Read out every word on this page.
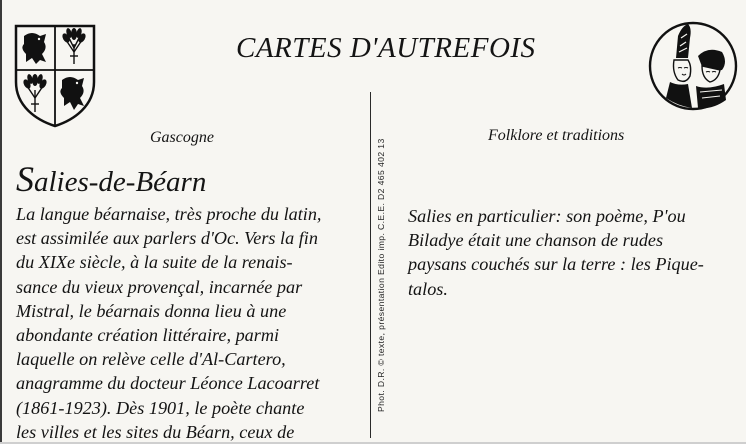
CARTES D'AUTREFOIS
Gascogne	Folklore et traditions
Salies-de-Béarn
La langue béarnaise, très proche du latin,
est assimilée aux parlers d'Oc. Vers la fin
du XIXe siècle, à la suite de la renais-
sance du vieux provençal, incarnée par
Mistral, le béarnais donna lieu à une
abondante création littéraire, parmi
laquelle on relève celle d'Al-Cartero,
anagramme du docteur Léonce Lacoarret
(1861-1923). Dès 1901, le poète chante
les villes et les sites du Béarn, ceux de
Phot. D.R. © texte, présentation Edito imp. C.E.E. D2 465 402 13 Salies en particulier: son poème, P'ou
Biladye était une chanson de rudes
paysans couchés sur la terre : les Pique-
talos.
